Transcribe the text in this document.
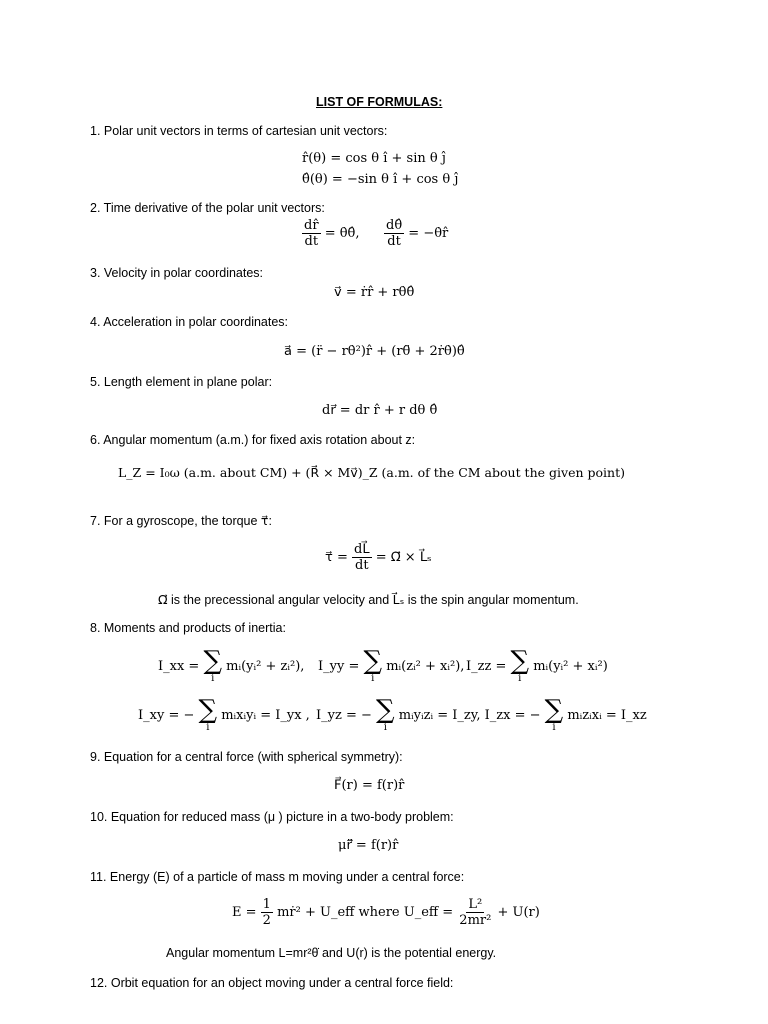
LIST OF FORMULAS:
1. Polar unit vectors in terms of cartesian unit vectors:
r̂(θ) = cos θ î + sin θ ĵ
θ̂(θ) = −sin θ î + cos θ ĵ
2. Time derivative of the polar unit vectors:
$\frac{dr̂}{dt}$ = θ̇θ̂, $\frac{d\thetâ}{dt}$ = −θ̇r̂
3. Velocity in polar coordinates:
v⃗ = ṙr̂ + rθ̇θ̂
4. Acceleration in polar coordinates:
a⃗ = (r̈ − rθ̇²)r̂ + (rθ̈ + 2ṙθ̇)θ̂
5. Length element in plane polar:
dr⃗ = dr r̂ + r dθ θ̂
6. Angular momentum (a.m.) for fixed axis rotation about z:
L_Z = I₀ω (a.m. about CM) + (R⃗ × Mv⃗)_Z (a.m. of the CM about the given point)
7. For a gyroscope, the torque τ⃗:
τ⃗ = $\frac{dL⃗}{dt}$ = Ω⃗ × L⃗ₛ
Ω⃗ is the precessional angular velocity and L⃗ₛ is the spin angular momentum.
8. Moments and products of inertia:
I_xx = ∑
i
mᵢ(yᵢ² + zᵢ²), I_yy = ∑
i
mᵢ(zᵢ² + xᵢ²), I_zz = ∑
i
mᵢ(yᵢ² + xᵢ²)
I_xy = − ∑
i
mᵢxᵢyᵢ = I_yx , I_yz = − ∑
i
mᵢyᵢzᵢ = I_zy, I_zx = − ∑
i
mᵢzᵢxᵢ = I_xz
9. Equation for a central force (with spherical symmetry):
F⃗(r) = f(r)r̂
10. Equation for reduced mass (μ ) picture in a two-body problem:
μr⃗̈ = f(r)r̂
11. Energy (E) of a particle of mass m moving under a central force:
$E = \frac{1}{2}$ mṙ² + U_eff where U_eff = $\frac{\text{L²}}{\text{2mr²}} + U(r)$
Angular momentum L=mr²θ̇ and U(r) is the potential energy.
12. Orbit equation for an object moving under a central force field:
